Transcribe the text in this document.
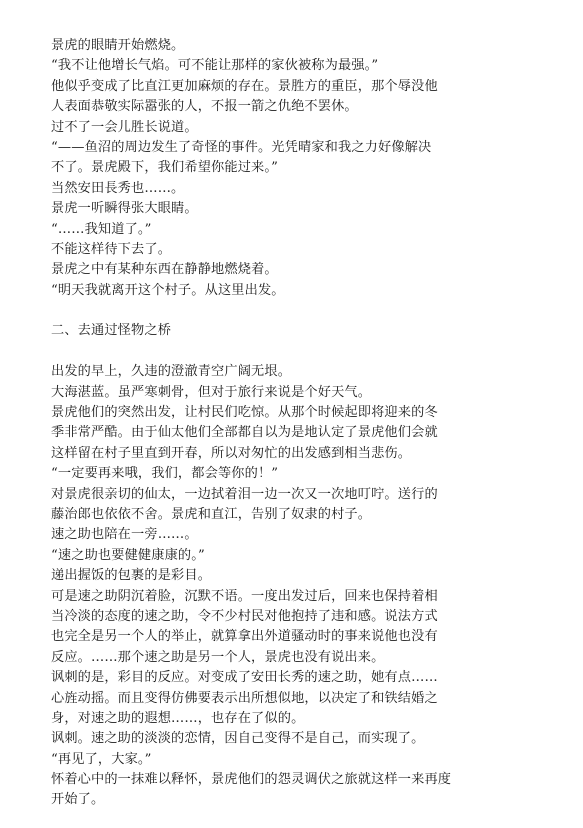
景虎的眼睛开始燃烧。
“我不让他增长气焰。可不能让那样的家伙被称为最强。”
他似乎变成了比直江更加麻烦的存在。景胜方的重臣，那个辱没他
人表面恭敬实际嚣张的人，不报一箭之仇绝不罢休。
过不了一会儿胜长说道。
“——鱼沼的周边发生了奇怪的事件。光凭晴家和我之力好像解决
不了。景虎殿下，我们希望你能过来。”
当然安田長秀也……。
景虎一听瞬得张大眼睛。
“……我知道了。”
不能这样待下去了。
景虎之中有某种东西在静静地燃烧着。
“明天我就离开这个村子。从这里出发。
二、去通过怪物之桥
出发的早上，久违的澄澈青空广阔无垠。
大海湛蓝。虽严寒刺骨，但对于旅行来说是个好天气。
景虎他们的突然出发，让村民们吃惊。从那个时候起即将迎来的冬
季非常严酷。由于仙太他们全部都自以为是地认定了景虎他们会就
这样留在村子里直到开春，所以对匆忙的出发感到相当悲伤。
“一定要再来哦，我们，都会等你的！”
对景虎很亲切的仙太，一边拭着泪一边一次又一次地叮咛。送行的
藤治郎也依依不舍。景虎和直江，告别了奴隶的村子。
速之助也陪在一旁……。
“速之助也要健健康康的。”
递出握饭的包裹的是彩目。
可是速之助阴沉着脸，沉默不语。一度出发过后，回来也保持着相
当冷淡的态度的速之助，令不少村民对他抱持了违和感。说法方式
也完全是另一个人的举止，就算拿出外道骚动时的事来说他也没有
反应。……那个速之助是另一个人，景虎也没有说出来。
讽刺的是，彩目的反应。对变成了安田长秀的速之助，她有点……
心旌动摇。而且变得仿佛要表示出所想似地，以决定了和铁结婚之
身，对速之助的遐想……，也存在了似的。
讽刺。速之助的淡淡的恋情，因自己变得不是自己，而实现了。
“再见了，大家。”
怀着心中的一抹难以释怀，景虎他们的怨灵调伏之旅就这样一来再度
开始了。
